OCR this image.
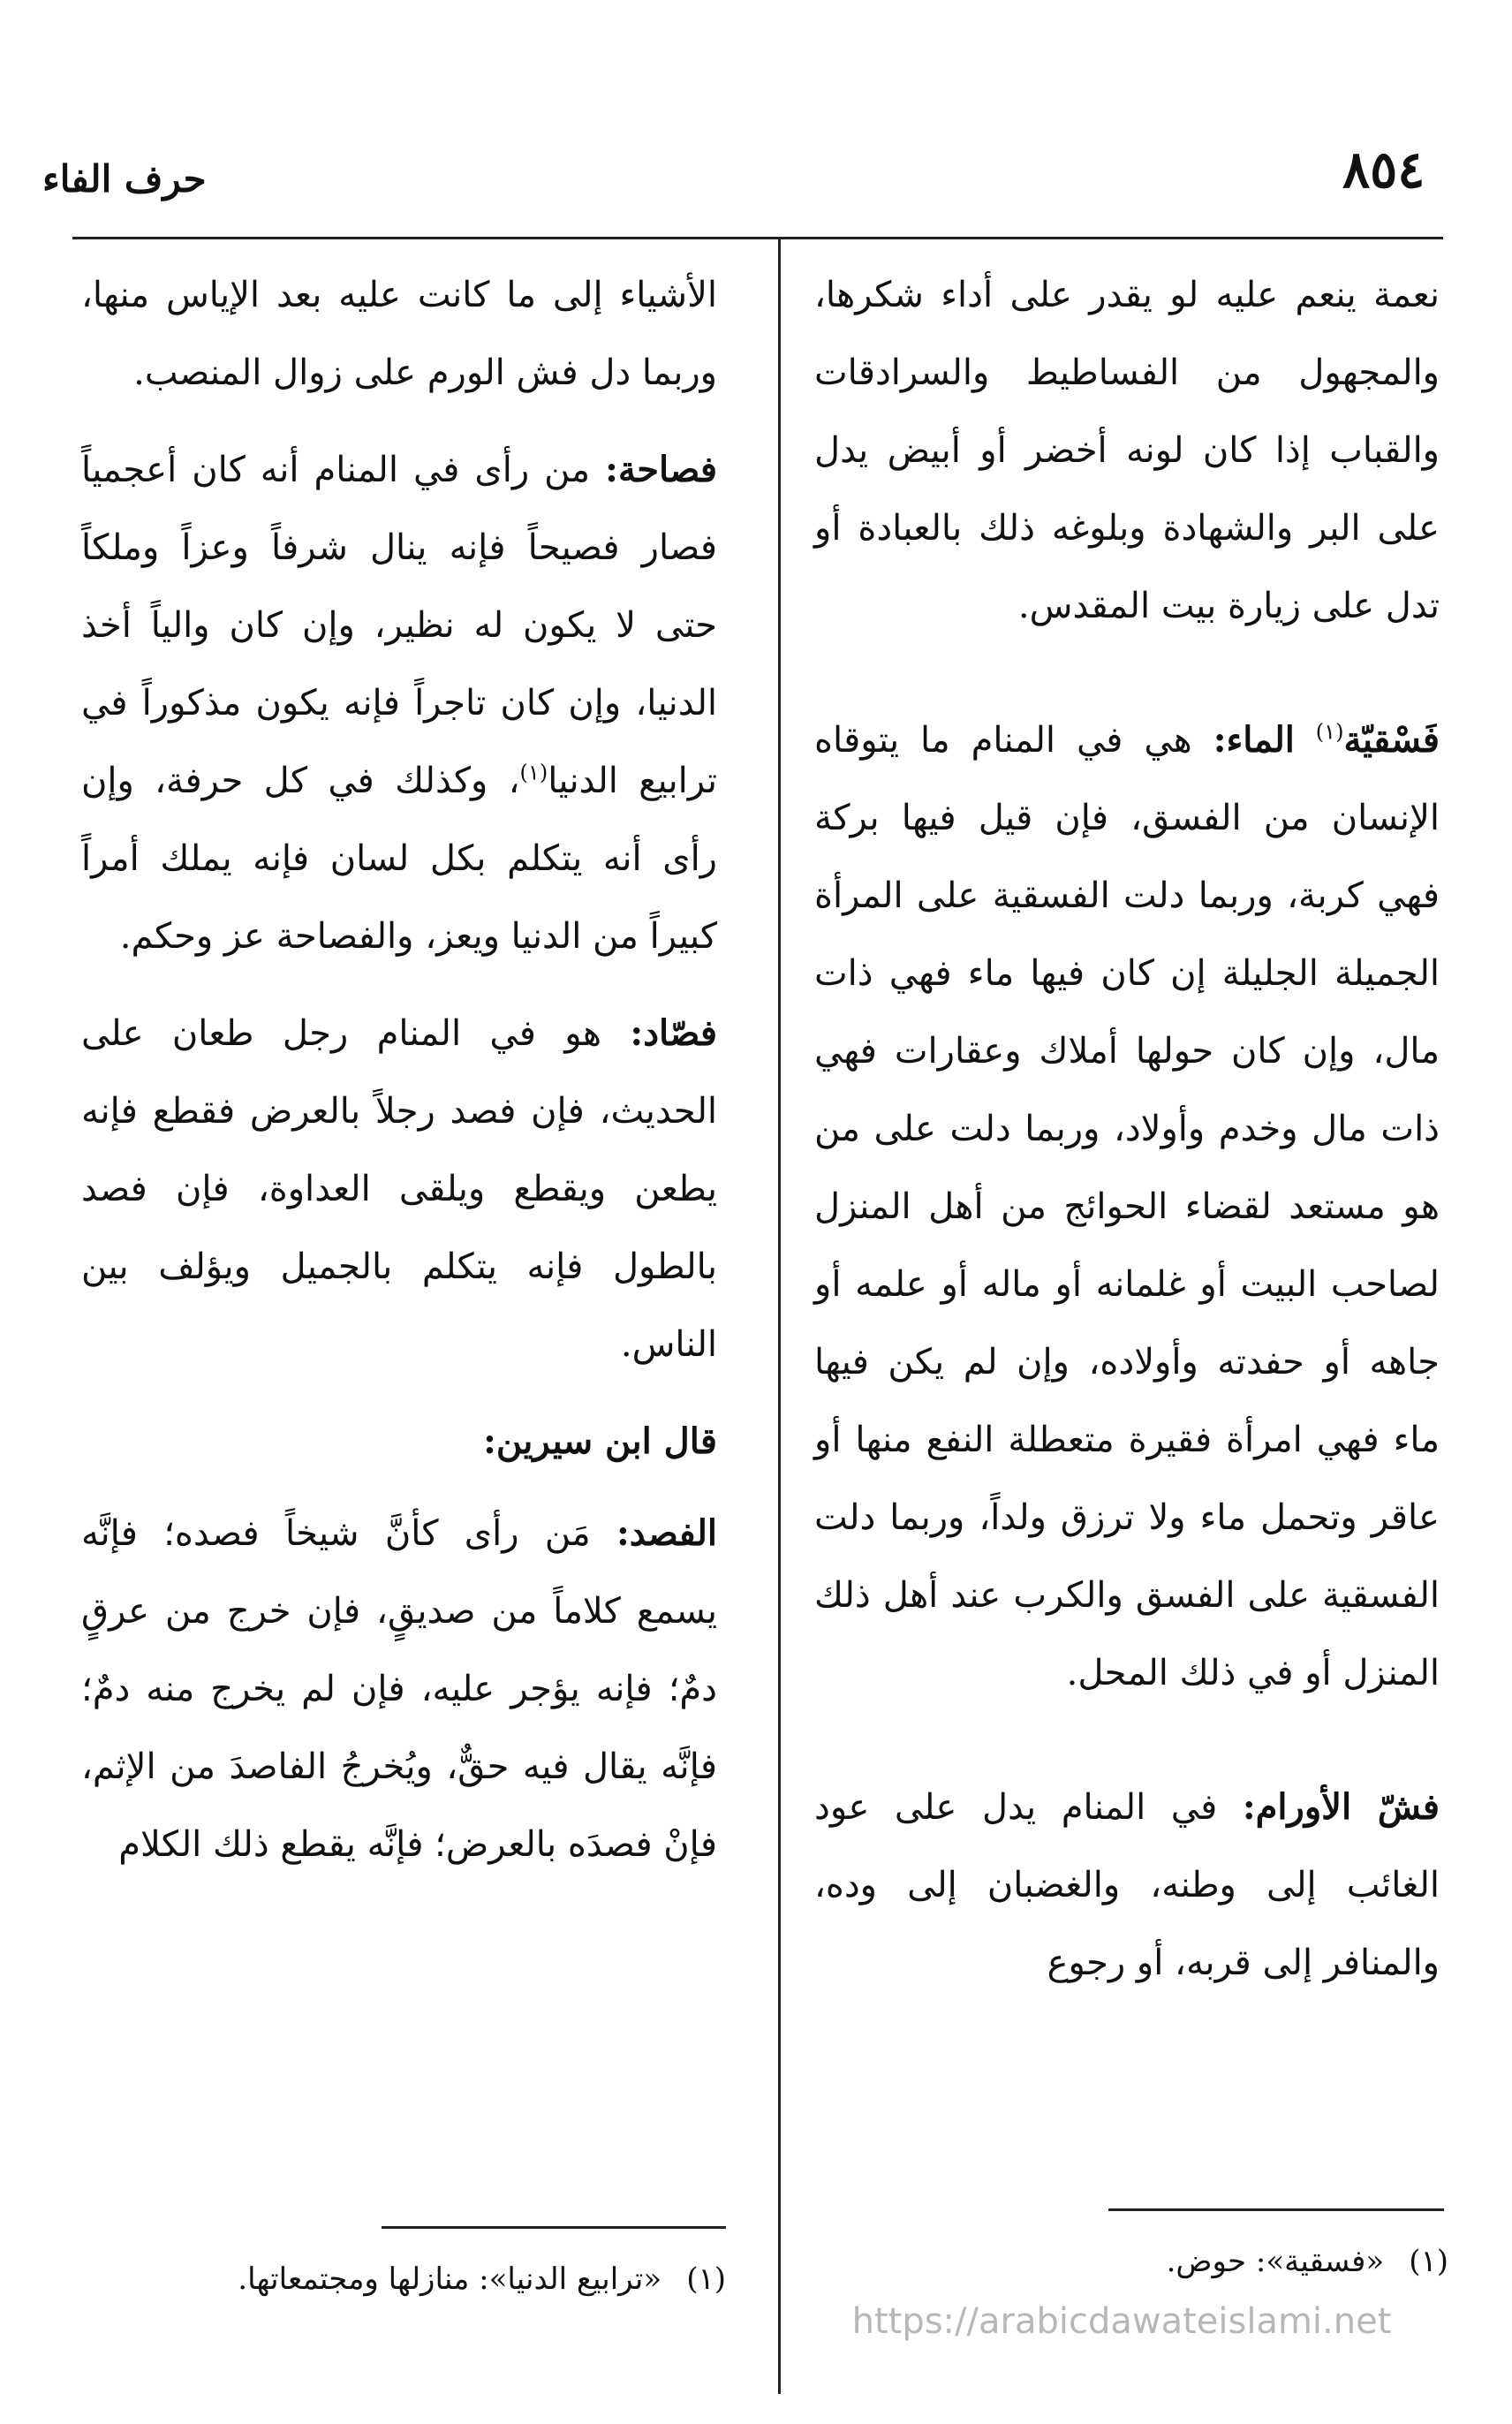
٨٥٤
حرف الفاء

نعمة ينعم عليه لو يقدر على أداء شكرها، والمجهول من الفساطيط والسرادقات والقباب إذا كان لونه أخضر أو أبيض يدل على البر والشهادة وبلوغه ذلك بالعبادة أو تدل على زيارة بيت المقدس.

فَسْقيّة$^{(١)}$ الماء: هي في المنام ما يتوقاه الإنسان من الفسق، فإن قيل فيها بركة فهي كربة، وربما دلت الفسقية على المرأة الجميلة الجليلة إن كان فيها ماء فهي ذات مال، وإن كان حولها أملاك وعقارات فهي ذات مال وخدم وأولاد، وربما دلت على من هو مستعد لقضاء الحوائج من أهل المنزل لصاحب البيت أو غلمانه أو ماله أو علمه أو جاهه أو حفدته وأولاده، وإن لم يكن فيها ماء فهي امرأة فقيرة متعطلة النفع منها أو عاقر وتحمل ماء ولا ترزق ولداً، وربما دلت الفسقية على الفسق والكرب عند أهل ذلك المنزل أو في ذلك المحل.

فشّ الأورام: في المنام يدل على عود الغائب إلى وطنه، والغضبان إلى وده، والمنافر إلى قربه، أو رجوع

الأشياء إلى ما كانت عليه بعد الإياس منها، وربما دل فش الورم على زوال المنصب.

فصاحة: من رأى في المنام أنه كان أعجمياً فصار فصيحاً فإنه ينال شرفاً وعزاً وملكاً حتى لا يكون له نظير، وإن كان والياً أخذ الدنيا، وإن كان تاجراً فإنه يكون مذكوراً في ترابيع الدنيا$^{(١)}$، وكذلك في كل حرفة، وإن رأى أنه يتكلم بكل لسان فإنه يملك أمراً كبيراً من الدنيا ويعز، والفصاحة عز وحكم.

فصّاد: هو في المنام رجل طعان على الحديث، فإن فصد رجلاً بالعرض فقطع فإنه يطعن ويقطع ويلقى العداوة، فإن فصد بالطول فإنه يتكلم بالجميل ويؤلف بين الناس.

قال ابن سيرين:

الفصد: مَن رأى كأنَّ شيخاً فصده؛ فإنَّه يسمع كلاماً من صديقٍ، فإن خرج من عرقٍ دمٌ؛ فإنه يؤجر عليه، فإن لم يخرج منه دمٌ؛ فإنَّه يقال فيه حقٌّ، ويُخرجُ الفاصدَ من الإثم، فإنْ فصدَه بالعرض؛ فإنَّه يقطع ذلك الكلام

(١)«فسقية»: حوض.
(١)«ترابيع الدنيا»: منازلها ومجتمعاتها.
https://arabicdawateislami.net
